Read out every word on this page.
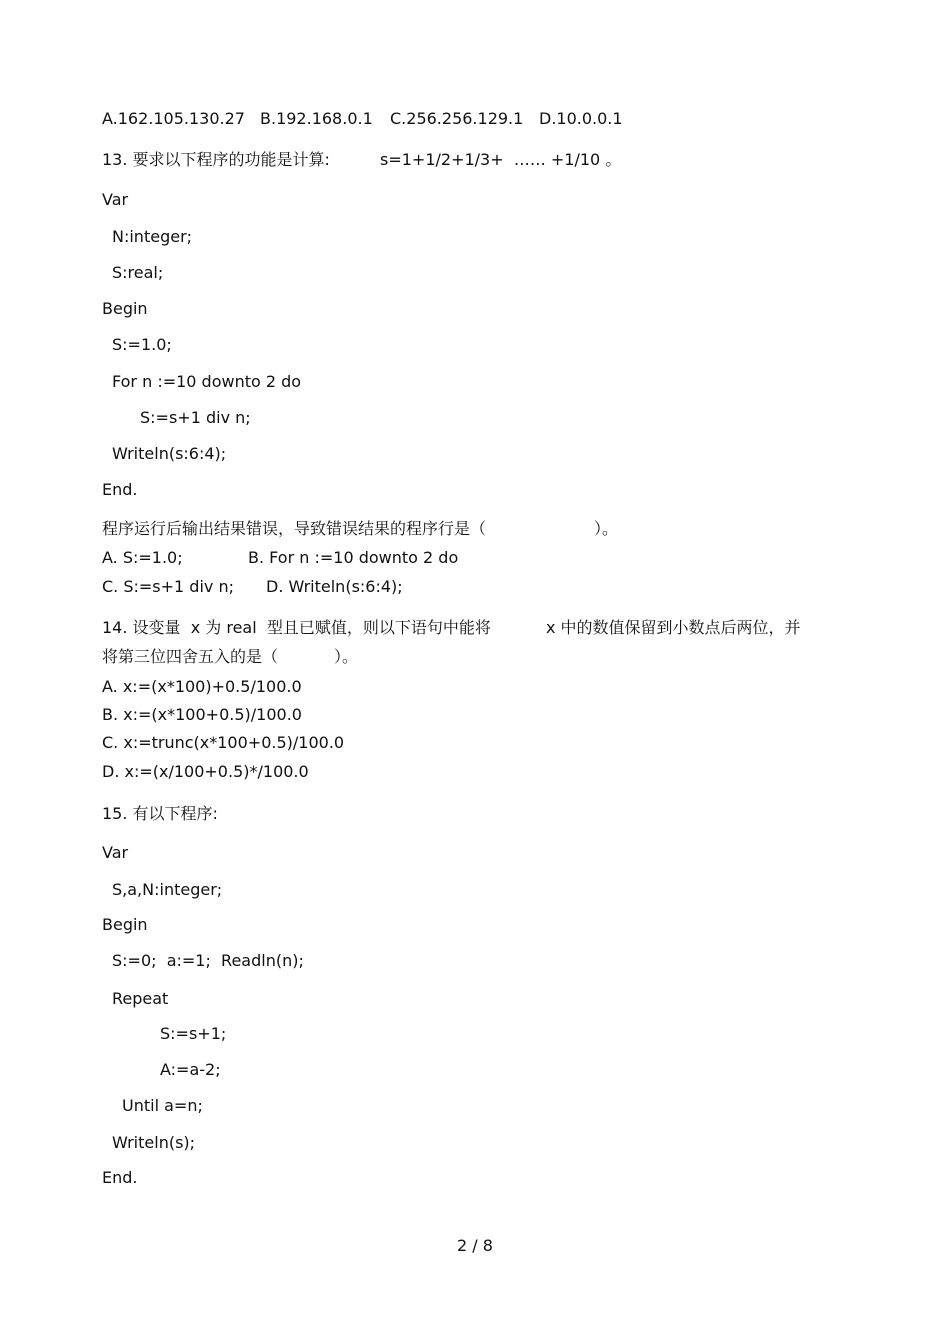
A.162.105.130.27 B.192.168.0.1 C.256.256.129.1 D.10.0.0.1
13. 要求以下程序的功能是计算:	s=1+1/2+1/3+  …… +1/10 。
Var
N:integer;
S:real;
Begin
S:=1.0;
For n :=10 downto 2 do
S:=s+1 div n;
Writeln(s:6:4);
End.
程序运行后输出结果错误，导致错误结果的程序行是（	）。
A. S:=1.0;	B. For n :=10 downto 2 do
C. S:=s+1 div n; D. Writeln(s:6:4);
14. 设变量  x 为 real  型且已赋值，则以下语句中能将	x 中的数值保留到小数点后两位，并
将第三位四舍五入的是（	）。
A. x:=(x*100)+0.5/100.0
B. x:=(x*100+0.5)/100.0
C. x:=trunc(x*100+0.5)/100.0
D. x:=(x/100+0.5)*/100.0
15. 有以下程序:
Var
S,a,N:integer;
Begin
S:=0;  a:=1;  Readln(n);
Repeat
S:=s+1;
A:=a-2;
Until a=n;
Writeln(s);
End.
2 / 8
